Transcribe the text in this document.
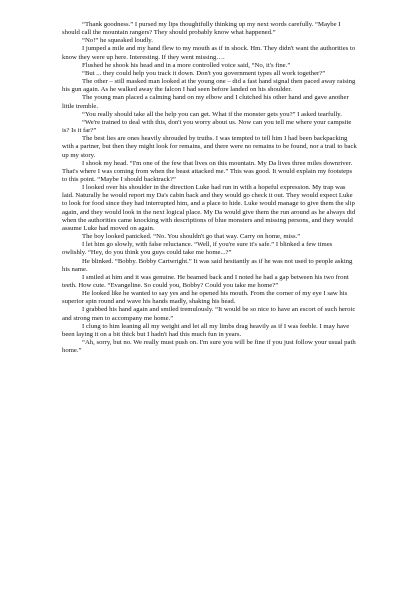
“Thank goodness.” I pursed my lips thoughtfully thinking up my next words carefully. “Maybe I should call the mountain rangers? They should probably know what happened.”

“No!” he squeaked loudly.

I jumped a mile and my hand flew to my mouth as if in shock. Hm. They didn't want the authorities to know they were up here. Interesting. If they went missing….

Flushed he shook his head and in a more controlled voice said, “No, it's fine.”

“But ... they could help you track it down. Don't you government types all work together?”

The other – still masked man looked at the young one – did a fast hand signal then paced away raising his gun again. As he walked away the falcon I had seen before landed on his shoulder.

The young man placed a calming hand on my elbow and I clutched his other hand and gave another little tremble.

“You really should take all the help you can get. What if the monster gets you?” I asked tearfully.

“We're trained to deal with this, don't you worry about us. Now can you tell me where your campsite is? Is it far?”

The best lies are ones heavily shrouded by truths. I was tempted to tell him I had been backpacking with a partner, but then they might look for remains, and there were no remains to be found, nor a trail to back up my story.

I shook my head. “I'm one of the few that lives on this mountain. My Da lives three miles downriver. That's where I was coming from when the beast attacked me.” This was good. It would explain my footsteps to this point. “Maybe I should backtrack?”

I looked over his shoulder in the direction Luke had run in with a hopeful expression. My trap was laid. Naturally he would report my Da's cabin back and they would go check it out. They would expect Luke to look for food since they had interrupted him, and a place to hide. Luke would manage to give them the slip again, and they would look in the next logical place. My Da would give them the run around as he always did when the authorities came knocking with descriptions of blue monsters and missing persons, and they would assume Luke had moved on again.

The boy looked panicked. “No. You shouldn't go that way. Carry on home, miss.”

I let him go slowly, with false reluctance. “Well, if you're sure it's safe.” I blinked a few times owlishly. “Hey, do you think you guys could take me home...?”

He blinked. “Bobby. Bobby Cartwright.” It was said hesitantly as if he was not used to people asking his name.

I smiled at him and it was genuine. He beamed back and I noted he had a gap between his two front teeth. How cute. “Evangeline. So could you, Bobby? Could you take me home?”

He looked like he wanted to say yes and he opened his mouth. From the corner of my eye I saw his superior spin round and wave his hands madly, shaking his head.

I grabbed his hand again and smiled tremulously. “It would be so nice to have an escort of such heroic and strong men to accompany me home.”

I clung to him leaning all my weight and let all my limbs drag heavily as if I was feeble. I may have been laying it on a bit thick but I hadn't had this much fun in years.

“Ah, sorry, but no. We really must push on. I'm sure you will be fine if you just follow your usual path home.”
